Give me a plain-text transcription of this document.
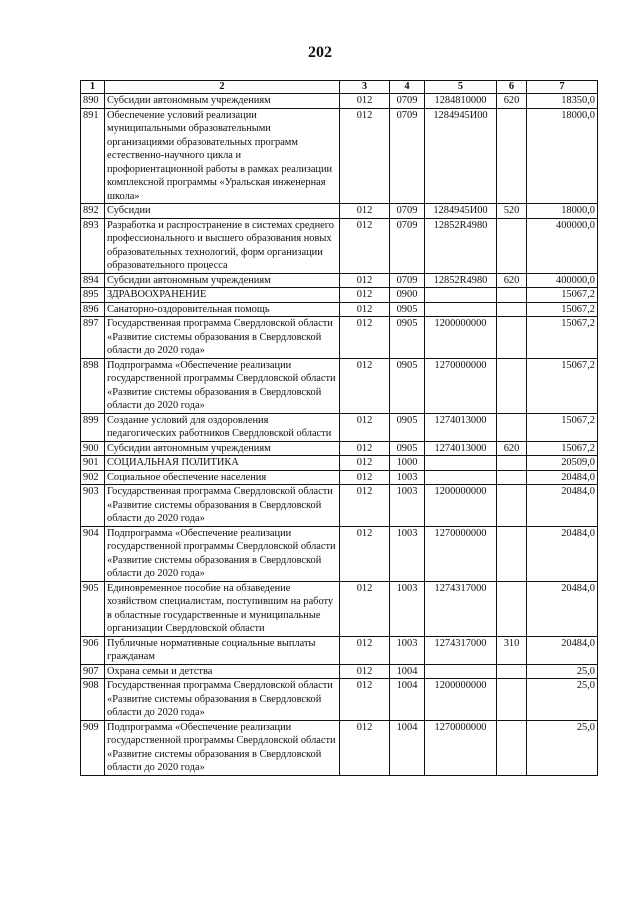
202
1	2	3	4	5	6	7
890	Субсидии автономным учреждениям	012	0709	1284810000	620	18350,0
891	Обеспечение условий реализации муниципальными образовательными организациями образовательных программ естественно-научного цикла и профориентационной работы в рамках реализации комплексной программы «Уральская инженерная школа»	012	0709	1284945И00		18000,0
892	Субсидии	012	0709	1284945И00	520	18000,0
893	Разработка и распространение в системах среднего профессионального и высшего образования новых образовательных технологий, форм организации образовательного процесса	012	0709	12852R4980		400000,0
894	Субсидии автономным учреждениям	012	0709	12852R4980	620	400000,0
895	ЗДРАВООХРАНЕНИЕ	012	0900			15067,2
896	Санаторно-оздоровительная помощь	012	0905			15067,2
897	Государственная программа Свердловской области «Развитие системы образования в Свердловской области до 2020 года»	012	0905	1200000000		15067,2
898	Подпрограмма «Обеспечение реализации государственной программы Свердловской области «Развитие системы образования в Свердловской области до 2020 года»	012	0905	1270000000		15067,2
899	Создание условий для оздоровления педагогических работников Свердловской области	012	0905	1274013000		15067,2
900	Субсидии автономным учреждениям	012	0905	1274013000	620	15067,2
901	СОЦИАЛЬНАЯ ПОЛИТИКА	012	1000			20509,0
902	Социальное обеспечение населения	012	1003			20484,0
903	Государственная программа Свердловской области «Развитие системы образования в Свердловской области до 2020 года»	012	1003	1200000000		20484,0
904	Подпрограмма «Обеспечение реализации государственной программы Свердловской области «Развитие системы образования в Свердловской области до 2020 года»	012	1003	1270000000		20484,0
905	Единовременное пособие на обзаведение хозяйством специалистам, поступившим на работу в областные государственные и муниципальные организации Свердловской области	012	1003	1274317000		20484,0
906	Публичные нормативные социальные выплаты гражданам	012	1003	1274317000	310	20484,0
907	Охрана семьи и детства	012	1004			25,0
908	Государственная программа Свердловской области «Развитие системы образования в Свердловской области до 2020 года»	012	1004	1200000000		25,0
909	Подпрограмма «Обеспечение реализации государственной программы Свердловской области «Развитие системы образования в Свердловской области до 2020 года»	012	1004	1270000000		25,0
